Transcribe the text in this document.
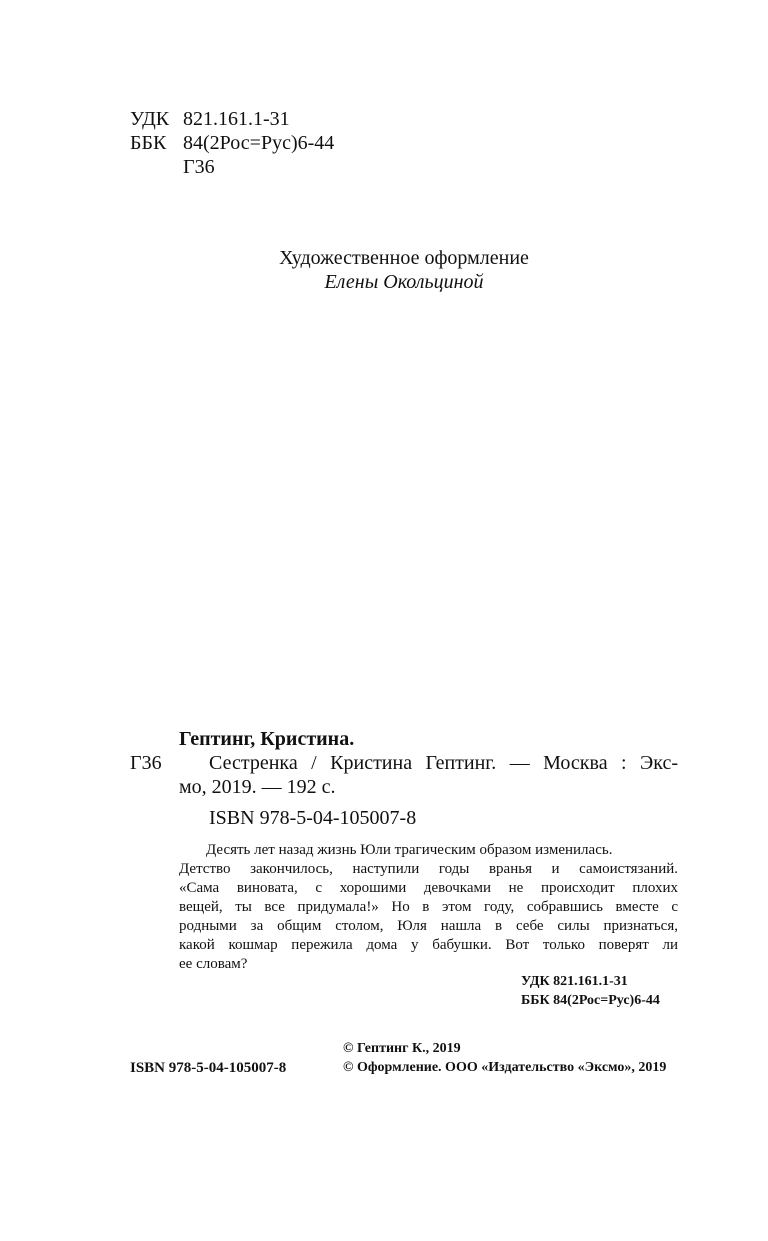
УДК 821.161.1-31
ББК 84(2Рос=Рус)6-44
Г36
Художественное оформление
Елены Окольциной
Гептинг, Кристина.
Г36 Сестренка / Кристина Гептинг. — Москва : Экс-
мо, 2019. — 192 с.
ISBN 978-5-04-105007-8
Десять лет назад жизнь Юли трагическим образом изменилась.
Детство закончилось, наступили годы вранья и самоистязаний.
«Сама виновата, с хорошими девочками не происходит плохих
вещей, ты все придумала!» Но в этом году, собравшись вместе с
родными за общим столом, Юля нашла в себе силы признаться,
какой кошмар пережила дома у бабушки. Вот только поверят ли
ее словам?
УДК 821.161.1-31
ББК 84(2Рос=Рус)6-44
© Гептинг К., 2019
ISBN 978-5-04-105007-8	© Оформление. ООО «Издательство «Эксмо», 2019
